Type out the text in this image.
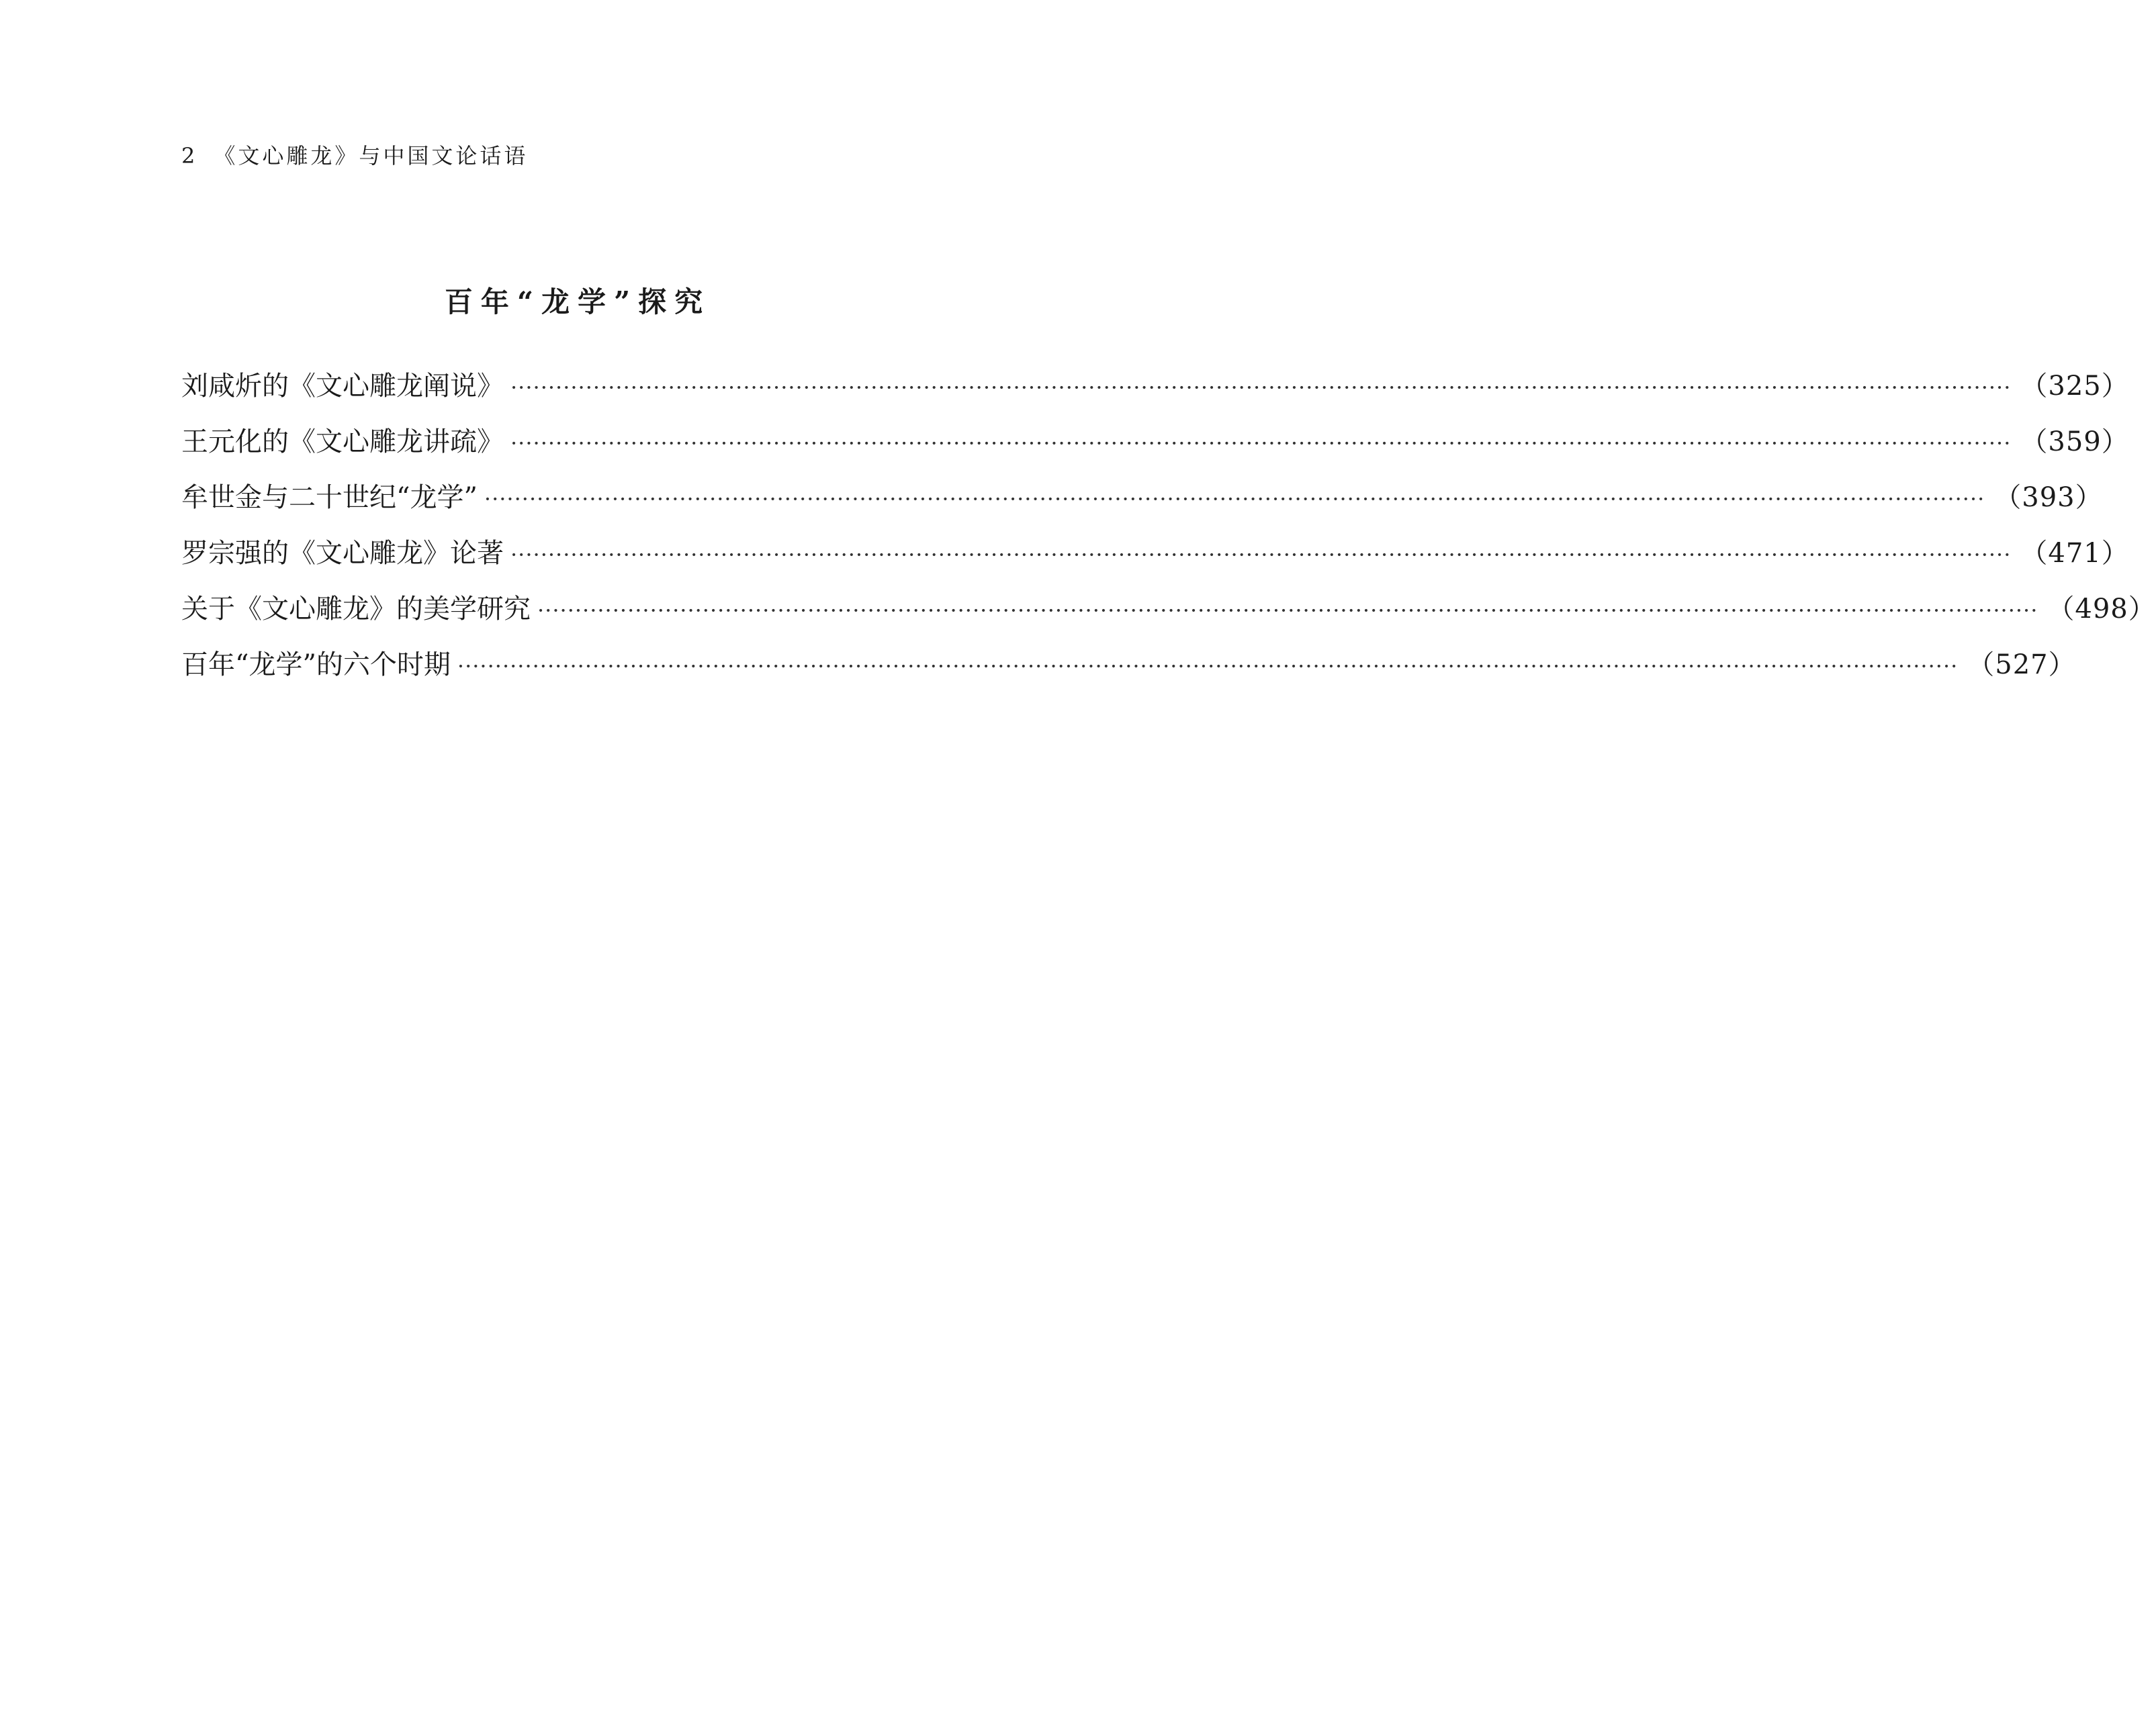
2 《文心雕龙》与中国文论话语
百年“龙学”探究
刘咸炘的《文心雕龙阐说》 ········································································································································································································ （325）
王元化的《文心雕龙讲疏》 ········································································································································································································ （359）
牟世金与二十世纪“龙学” ········································································································································································································ （393）
罗宗强的《文心雕龙》论著 ········································································································································································································ （471）
关于《文心雕龙》的美学研究 ········································································································································································································ （498）
百年“龙学”的六个时期 ········································································································································································································ （527）
